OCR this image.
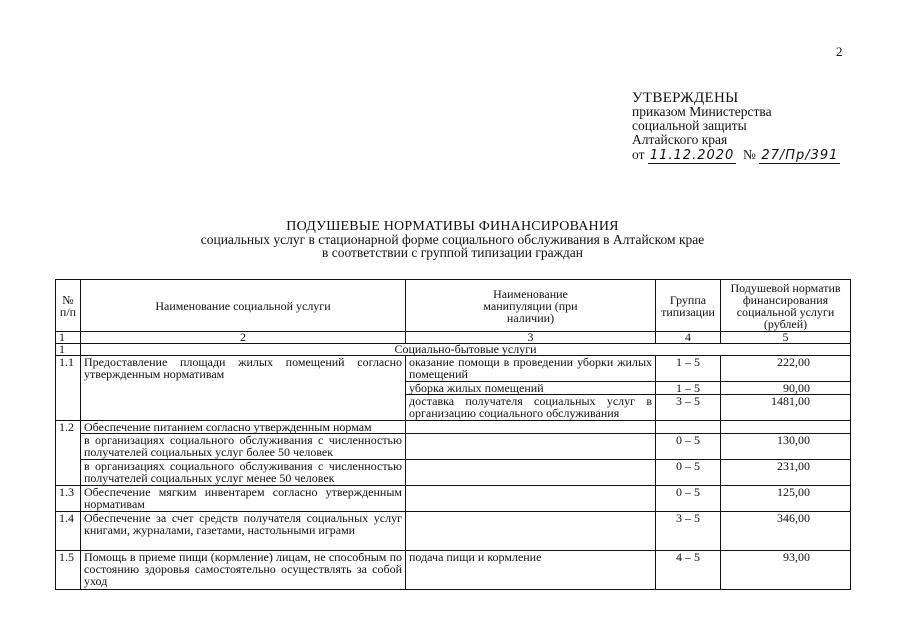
2
УТВЕРЖДЕНЫ
приказом Министерства
социальной защиты
Алтайского края
от 11.12.2020 № 27/Пр/391
ПОДУШЕВЫЕ НОРМАТИВЫ ФИНАНСИРОВАНИЯ
социальных услуг в стационарной форме социального обслуживания в Алтайском крае
в соответствии с группой типизации граждан
№ п/п	Наименование социальной услуги	Наименование манипуляции (при наличии)	Группа типизации	Подушевой норматив финансирования социальной услуги (рублей)
1	2	3	4	5
1	Социально-бытовые услуги			
1.1	Предоставление площади жилых помещений согласно утвержденным нормативам	оказание помощи в проведении уборки жилых помещений	1 – 5	222,00
		уборка жилых помещений	1 – 5	90,00
		доставка получателя социальных услуг в организацию социального обслуживания	3 – 5	1481,00
1.2	Обеспечение питанием согласно утвержденным нормам			
	в организациях социального обслуживания с численностью получателей социальных услуг более 50 человек		0 – 5	130,00
	в организациях социального обслуживания с численностью получателей социальных услуг менее 50 человек		0 – 5	231,00
1.3	Обеспечение мягким инвентарем согласно утвержденным нормативам		0 – 5	125,00
1.4	Обеспечение за счет средств получателя социальных услуг книгами, журналами, газетами, настольными играми		3 – 5	346,00
1.5	Помощь в приеме пищи (кормление) лицам, не способным по состоянию здоровья самостоятельно осуществлять за собой уход	подача пищи и кормление	4 – 5	93,00
